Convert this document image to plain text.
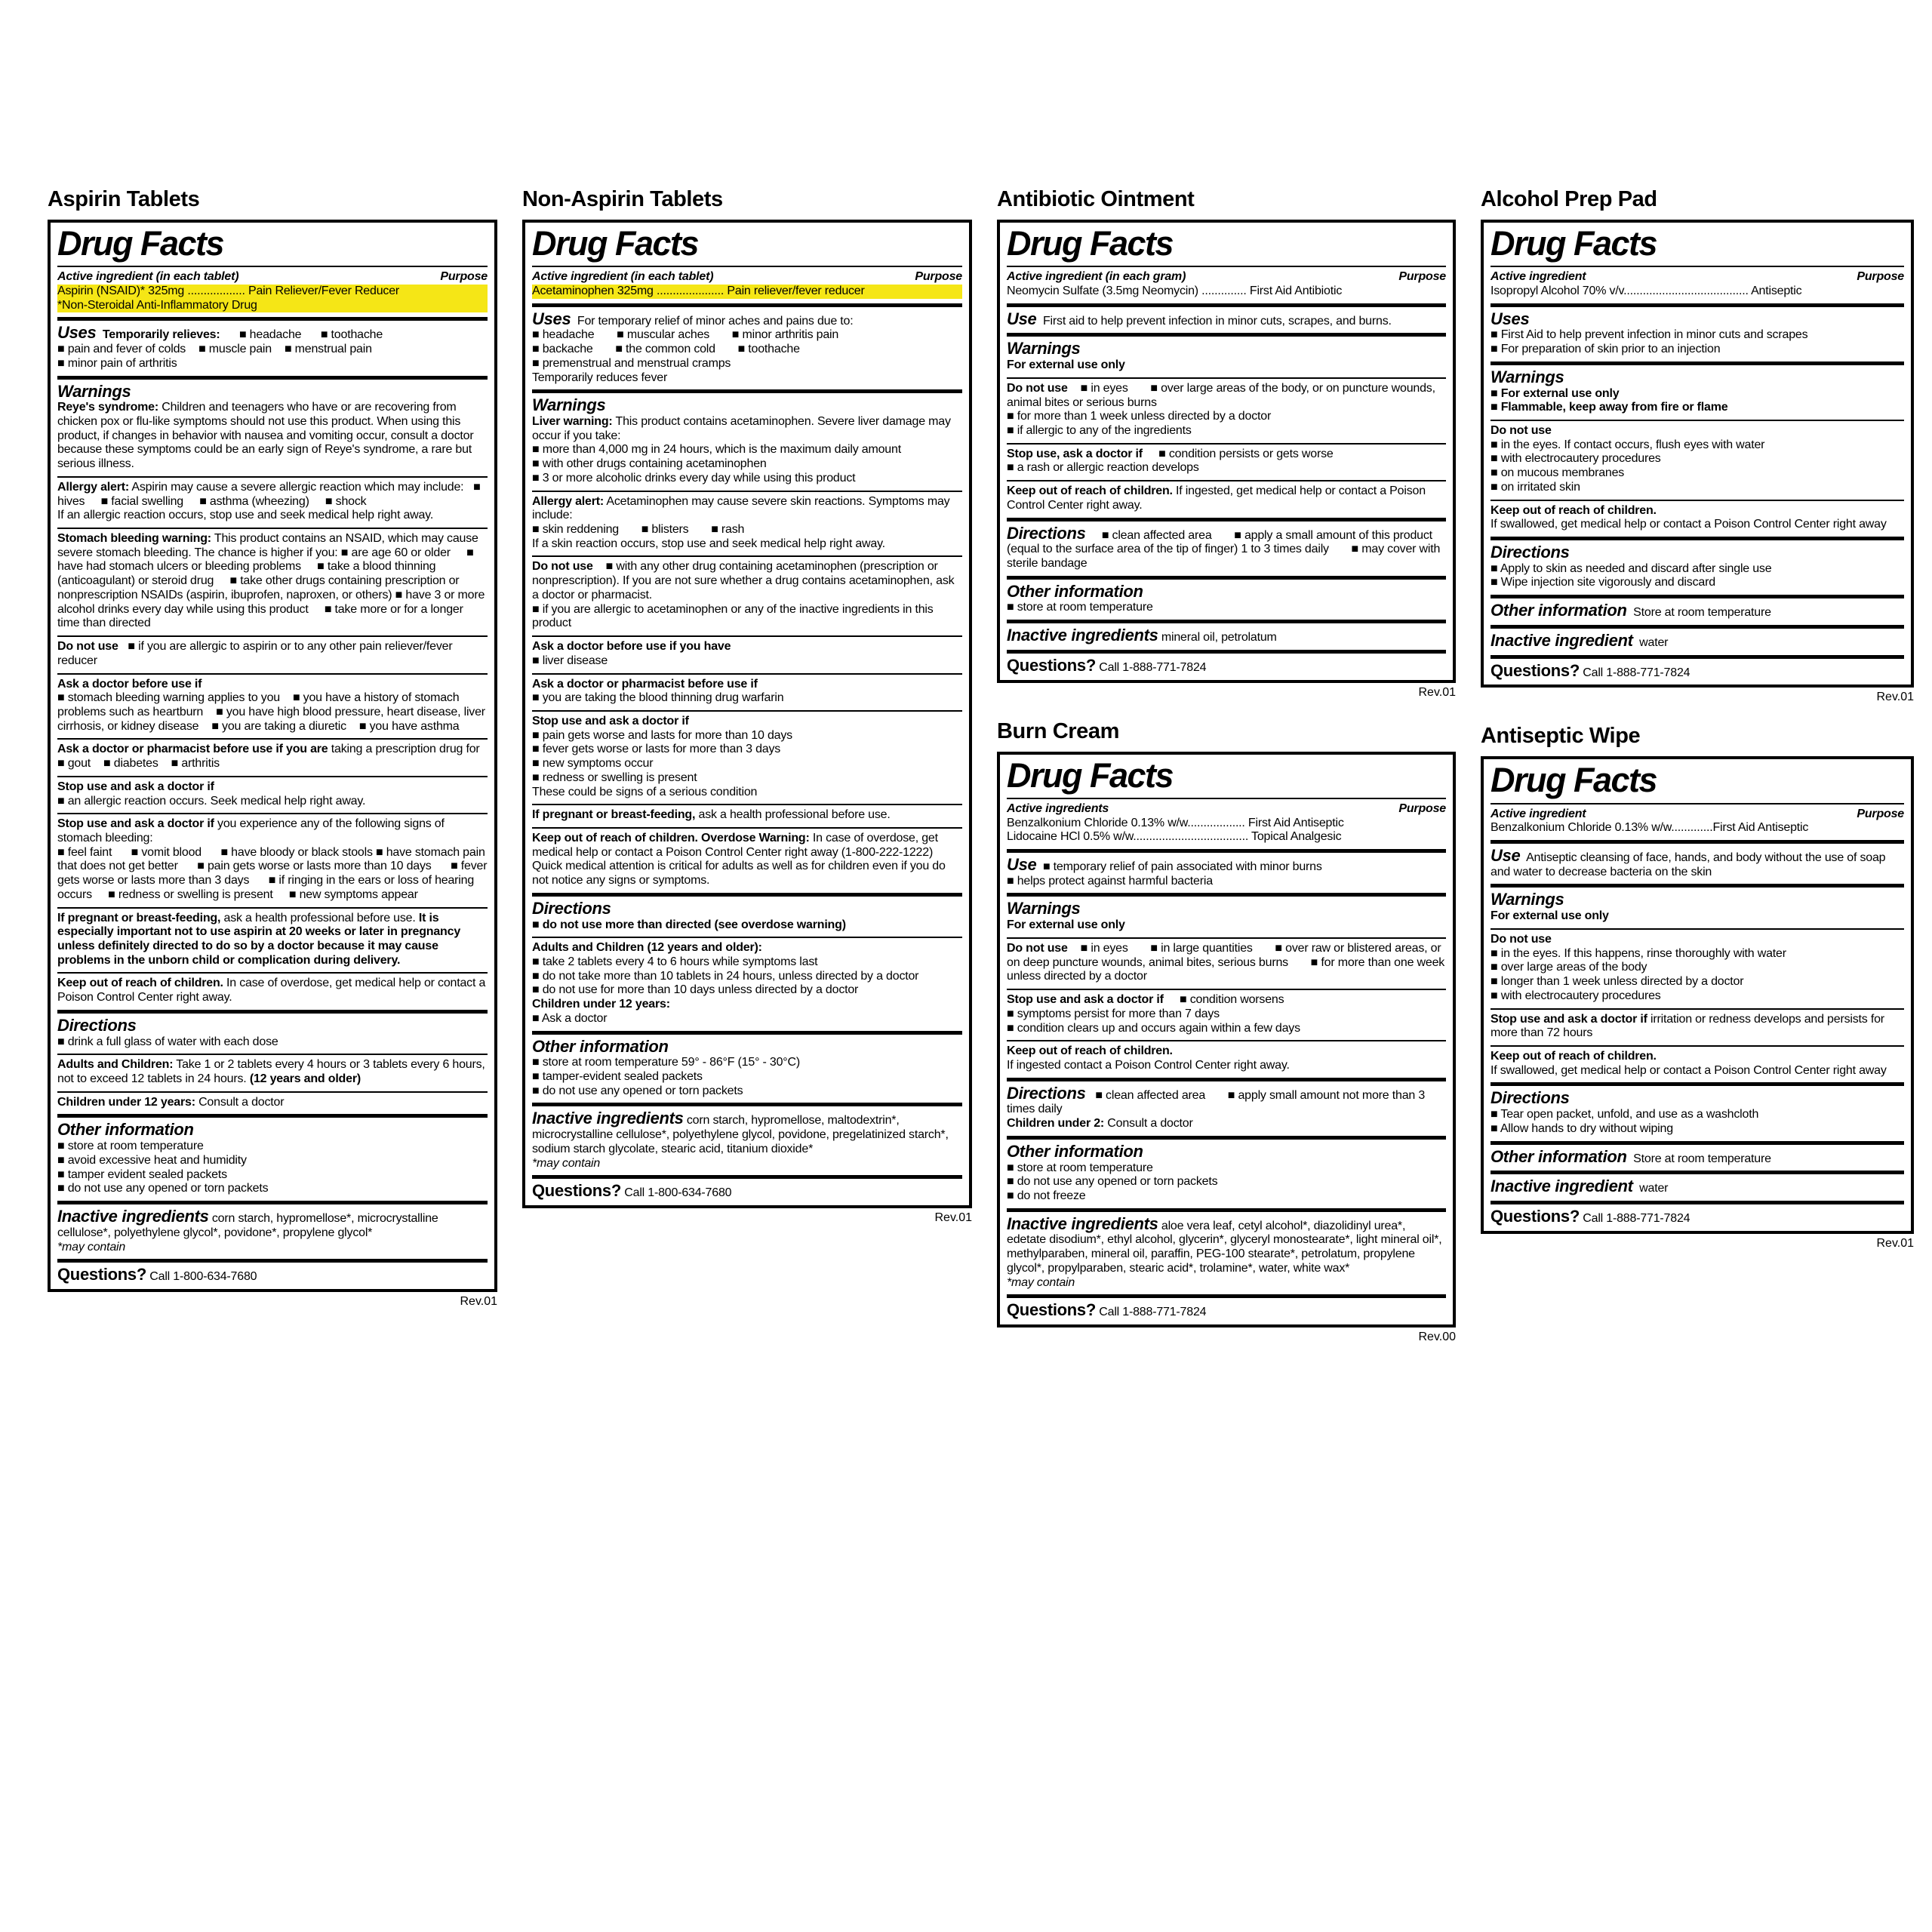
Aspirin Tablets
Drug Facts
Active ingredient (in each tablet)	Purpose
Aspirin (NSAID)* 325mg .................. Pain Reliever/Fever Reducer
*Non-Steroidal Anti-Inflammatory Drug
Uses Temporarily relieves:      ■ headache      ■ toothache
■ pain and fever of colds    ■ muscle pain    ■ menstrual pain
■ minor pain of arthritis
Warnings
Reye's syndrome: Children and teenagers who have or are recovering from chicken pox or flu-like symptoms should not use this product. When using this product, if changes in behavior with nausea and vomiting occur, consult a doctor because these symptoms could be an early sign of Reye's syndrome, a rare but serious illness.
Allergy alert: Aspirin may cause a severe allergic reaction which may include:   ■ hives     ■ facial swelling     ■ asthma (wheezing)     ■ shock
If an allergic reaction occurs, stop use and seek medical help right away.
Stomach bleeding warning: This product contains an NSAID, which may cause severe stomach bleeding. The chance is higher if you: ■ are age 60 or older     ■ have had stomach ulcers or bleeding problems     ■ take a blood thinning (anticoagulant) or steroid drug     ■ take other drugs containing prescription or nonprescription NSAIDs (aspirin, ibuprofen, naproxen, or others) ■ have 3 or more alcohol drinks every day while using this product     ■ take more or for a longer time than directed
Do not use   ■ if you are allergic to aspirin or to any other pain reliever/fever reducer
Ask a doctor before use if
■ stomach bleeding warning applies to you    ■ you have a history of stomach problems such as heartburn    ■ you have high blood pressure, heart disease, liver cirrhosis, or kidney disease    ■ you are taking a diuretic    ■ you have asthma
Ask a doctor or pharmacist before use if you are taking a prescription drug for    ■ gout    ■ diabetes    ■ arthritis
Stop use and ask a doctor if
■ an allergic reaction occurs. Seek medical help right away.
Stop use and ask a doctor if you experience any of the following signs of stomach bleeding:
■ feel faint      ■ vomit blood      ■ have bloody or black stools ■ have stomach pain that does not get better      ■ pain gets worse or lasts more than 10 days      ■ fever gets worse or lasts more than 3 days      ■ if ringing in the ears or loss of hearing occurs     ■ redness or swelling is present     ■ new symptoms appear
If pregnant or breast-feeding, ask a health professional before use. It is especially important not to use aspirin at 20 weeks or later in pregnancy unless definitely directed to do so by a doctor because it may cause problems in the unborn child or complication during delivery.
Keep out of reach of children. In case of overdose, get medical help or contact a Poison Control Center right away.
Directions
■ drink a full glass of water with each dose
Adults and Children: Take 1 or 2 tablets every 4 hours or 3 tablets every 6 hours, not to exceed 12 tablets in 24 hours. (12 years and older)
Children under 12 years: Consult a doctor
Other information
■ store at room temperature
■ avoid excessive heat and humidity
■ tamper evident sealed packets
■ do not use any opened or torn packets
Inactive ingredients corn starch, hypromellose*, microcrystalline cellulose*, polyethylene glycol*, povidone*, propylene glycol*
*may contain
Questions? Call 1-800-634-7680
Rev.01
Non-Aspirin Tablets
Drug Facts
Active ingredient (in each tablet)	Purpose
Acetaminophen 325mg ..................... Pain reliever/fever reducer
Uses  For temporary relief of minor aches and pains due to:
■ headache       ■ muscular aches       ■ minor arthritis pain
■ backache       ■ the common cold       ■ toothache
■ premenstrual and menstrual cramps
Temporarily reduces fever
Warnings
Liver warning: This product contains acetaminophen. Severe liver damage may occur if you take:
■ more than 4,000 mg in 24 hours, which is the maximum daily amount
■ with other drugs containing acetaminophen
■ 3 or more alcoholic drinks every day while using this product
Allergy alert: Acetaminophen may cause severe skin reactions. Symptoms may include:
■ skin reddening       ■ blisters       ■ rash
If a skin reaction occurs, stop use and seek medical help right away.
Do not use    ■ with any other drug containing acetaminophen (prescription or nonprescription). If you are not sure whether a drug contains acetaminophen, ask a doctor or pharmacist.
■ if you are allergic to acetaminophen or any of the inactive ingredients in this product
Ask a doctor before use if you have
■ liver disease
Ask a doctor or pharmacist before use if
■ you are taking the blood thinning drug warfarin
Stop use and ask a doctor if
■ pain gets worse and lasts for more than 10 days
■ fever gets worse or lasts for more than 3 days
■ new symptoms occur
■ redness or swelling is present
These could be signs of a serious condition
If pregnant or breast-feeding, ask a health professional before use.
Keep out of reach of children. Overdose Warning: In case of overdose, get medical help or contact a Poison Control Center right away (1-800-222-1222) Quick medical attention is critical for adults as well as for children even if you do not notice any signs or symptoms.
Directions
■ do not use more than directed (see overdose warning)
Adults and Children (12 years and older):
■ take 2 tablets every 4 to 6 hours while symptoms last
■ do not take more than 10 tablets in 24 hours, unless directed by a doctor
■ do not use for more than 10 days unless directed by a doctor
Children under 12 years:
■ Ask a doctor
Other information
■ store at room temperature 59° - 86°F (15° - 30°C)
■ tamper-evident sealed packets
■ do not use any opened or torn packets
Inactive ingredients corn starch, hypromellose, maltodextrin*, microcrystalline cellulose*, polyethylene glycol, povidone, pregelatinized starch*, sodium starch glycolate, stearic acid, titanium dioxide*
*may contain
Questions? Call 1-800-634-7680
Rev.01
Antibiotic Ointment
Drug Facts
Active ingredient (in each gram)	Purpose
Neomycin Sulfate (3.5mg Neomycin) .............. First Aid Antibiotic
Use  First aid to help prevent infection in minor cuts, scrapes, and burns.
Warnings
For external use only
Do not use    ■ in eyes       ■ over large areas of the body, or on puncture wounds, animal bites or serious burns
■ for more than 1 week unless directed by a doctor
■ if allergic to any of the ingredients
Stop use, ask a doctor if     ■ condition persists or gets worse
■ a rash or allergic reaction develops
Keep out of reach of children. If ingested, get medical help or contact a Poison Control Center right away.
Directions     ■ clean affected area       ■ apply a small amount of this product (equal to the surface area of the tip of finger) 1 to 3 times daily       ■ may cover with sterile bandage
Other information
■ store at room temperature
Inactive ingredients mineral oil, petrolatum
Questions? Call 1-888-771-7824
Rev.01
Burn Cream
Drug Facts
Active ingredients	Purpose
Benzalkonium Chloride 0.13% w/w.................. First Aid Antiseptic
Lidocaine HCl 0.5% w/w.................................... Topical Analgesic
Use  ■ temporary relief of pain associated with minor burns
■ helps protect against harmful bacteria
Warnings
For external use only
Do not use    ■ in eyes       ■ in large quantities       ■ over raw or blistered areas, or on deep puncture wounds, animal bites, serious burns       ■ for more than one week unless directed by a doctor
Stop use and ask a doctor if     ■ condition worsens
■ symptoms persist for more than 7 days
■ condition clears up and occurs again within a few days
Keep out of reach of children.
If ingested contact a Poison Control Center right away.
Directions   ■ clean affected area       ■ apply small amount not more than 3 times daily
Children under 2: Consult a doctor
Other information
■ store at room temperature
■ do not use any opened or torn packets
■ do not freeze
Inactive ingredients aloe vera leaf, cetyl alcohol*, diazolidinyl urea*, edetate disodium*, ethyl alcohol, glycerin*, glyceryl monostearate*, light mineral oil*, methylparaben, mineral oil, paraffin, PEG-100 stearate*, petrolatum, propylene glycol*, propylparaben, stearic acid*, trolamine*, water, white wax*
*may contain
Questions? Call 1-888-771-7824
Rev.00
Alcohol Prep Pad
Drug Facts
Active ingredient	Purpose
Isopropyl Alcohol 70% v/v....................................... Antiseptic
Uses
■ First Aid to help prevent infection in minor cuts and scrapes
■ For preparation of skin prior to an injection
Warnings
■ For external use only
■ Flammable, keep away from fire or flame
Do not use
■ in the eyes. If contact occurs, flush eyes with water
■ with electrocautery procedures
■ on mucous membranes
■ on irritated skin
Keep out of reach of children.
If swallowed, get medical help or contact a Poison Control Center right away
Directions
■ Apply to skin as needed and discard after single use
■ Wipe injection site vigorously and discard
Other information  Store at room temperature
Inactive ingredient  water
Questions? Call 1-888-771-7824
Rev.01
Antiseptic Wipe
Drug Facts
Active ingredient	Purpose
Benzalkonium Chloride 0.13% w/w.............First Aid Antiseptic
Use  Antiseptic cleansing of face, hands, and body without the use of soap and water to decrease bacteria on the skin
Warnings
For external use only
Do not use
■ in the eyes. If this happens, rinse thoroughly with water
■ over large areas of the body
■ longer than 1 week unless directed by a doctor
■ with electrocautery procedures
Stop use and ask a doctor if irritation or redness develops and persists for more than 72 hours
Keep out of reach of children.
If swallowed, get medical help or contact a Poison Control Center right away
Directions
■ Tear open packet, unfold, and use as a washcloth
■ Allow hands to dry without wiping
Other information  Store at room temperature
Inactive ingredient  water
Questions? Call 1-888-771-7824
Rev.01
